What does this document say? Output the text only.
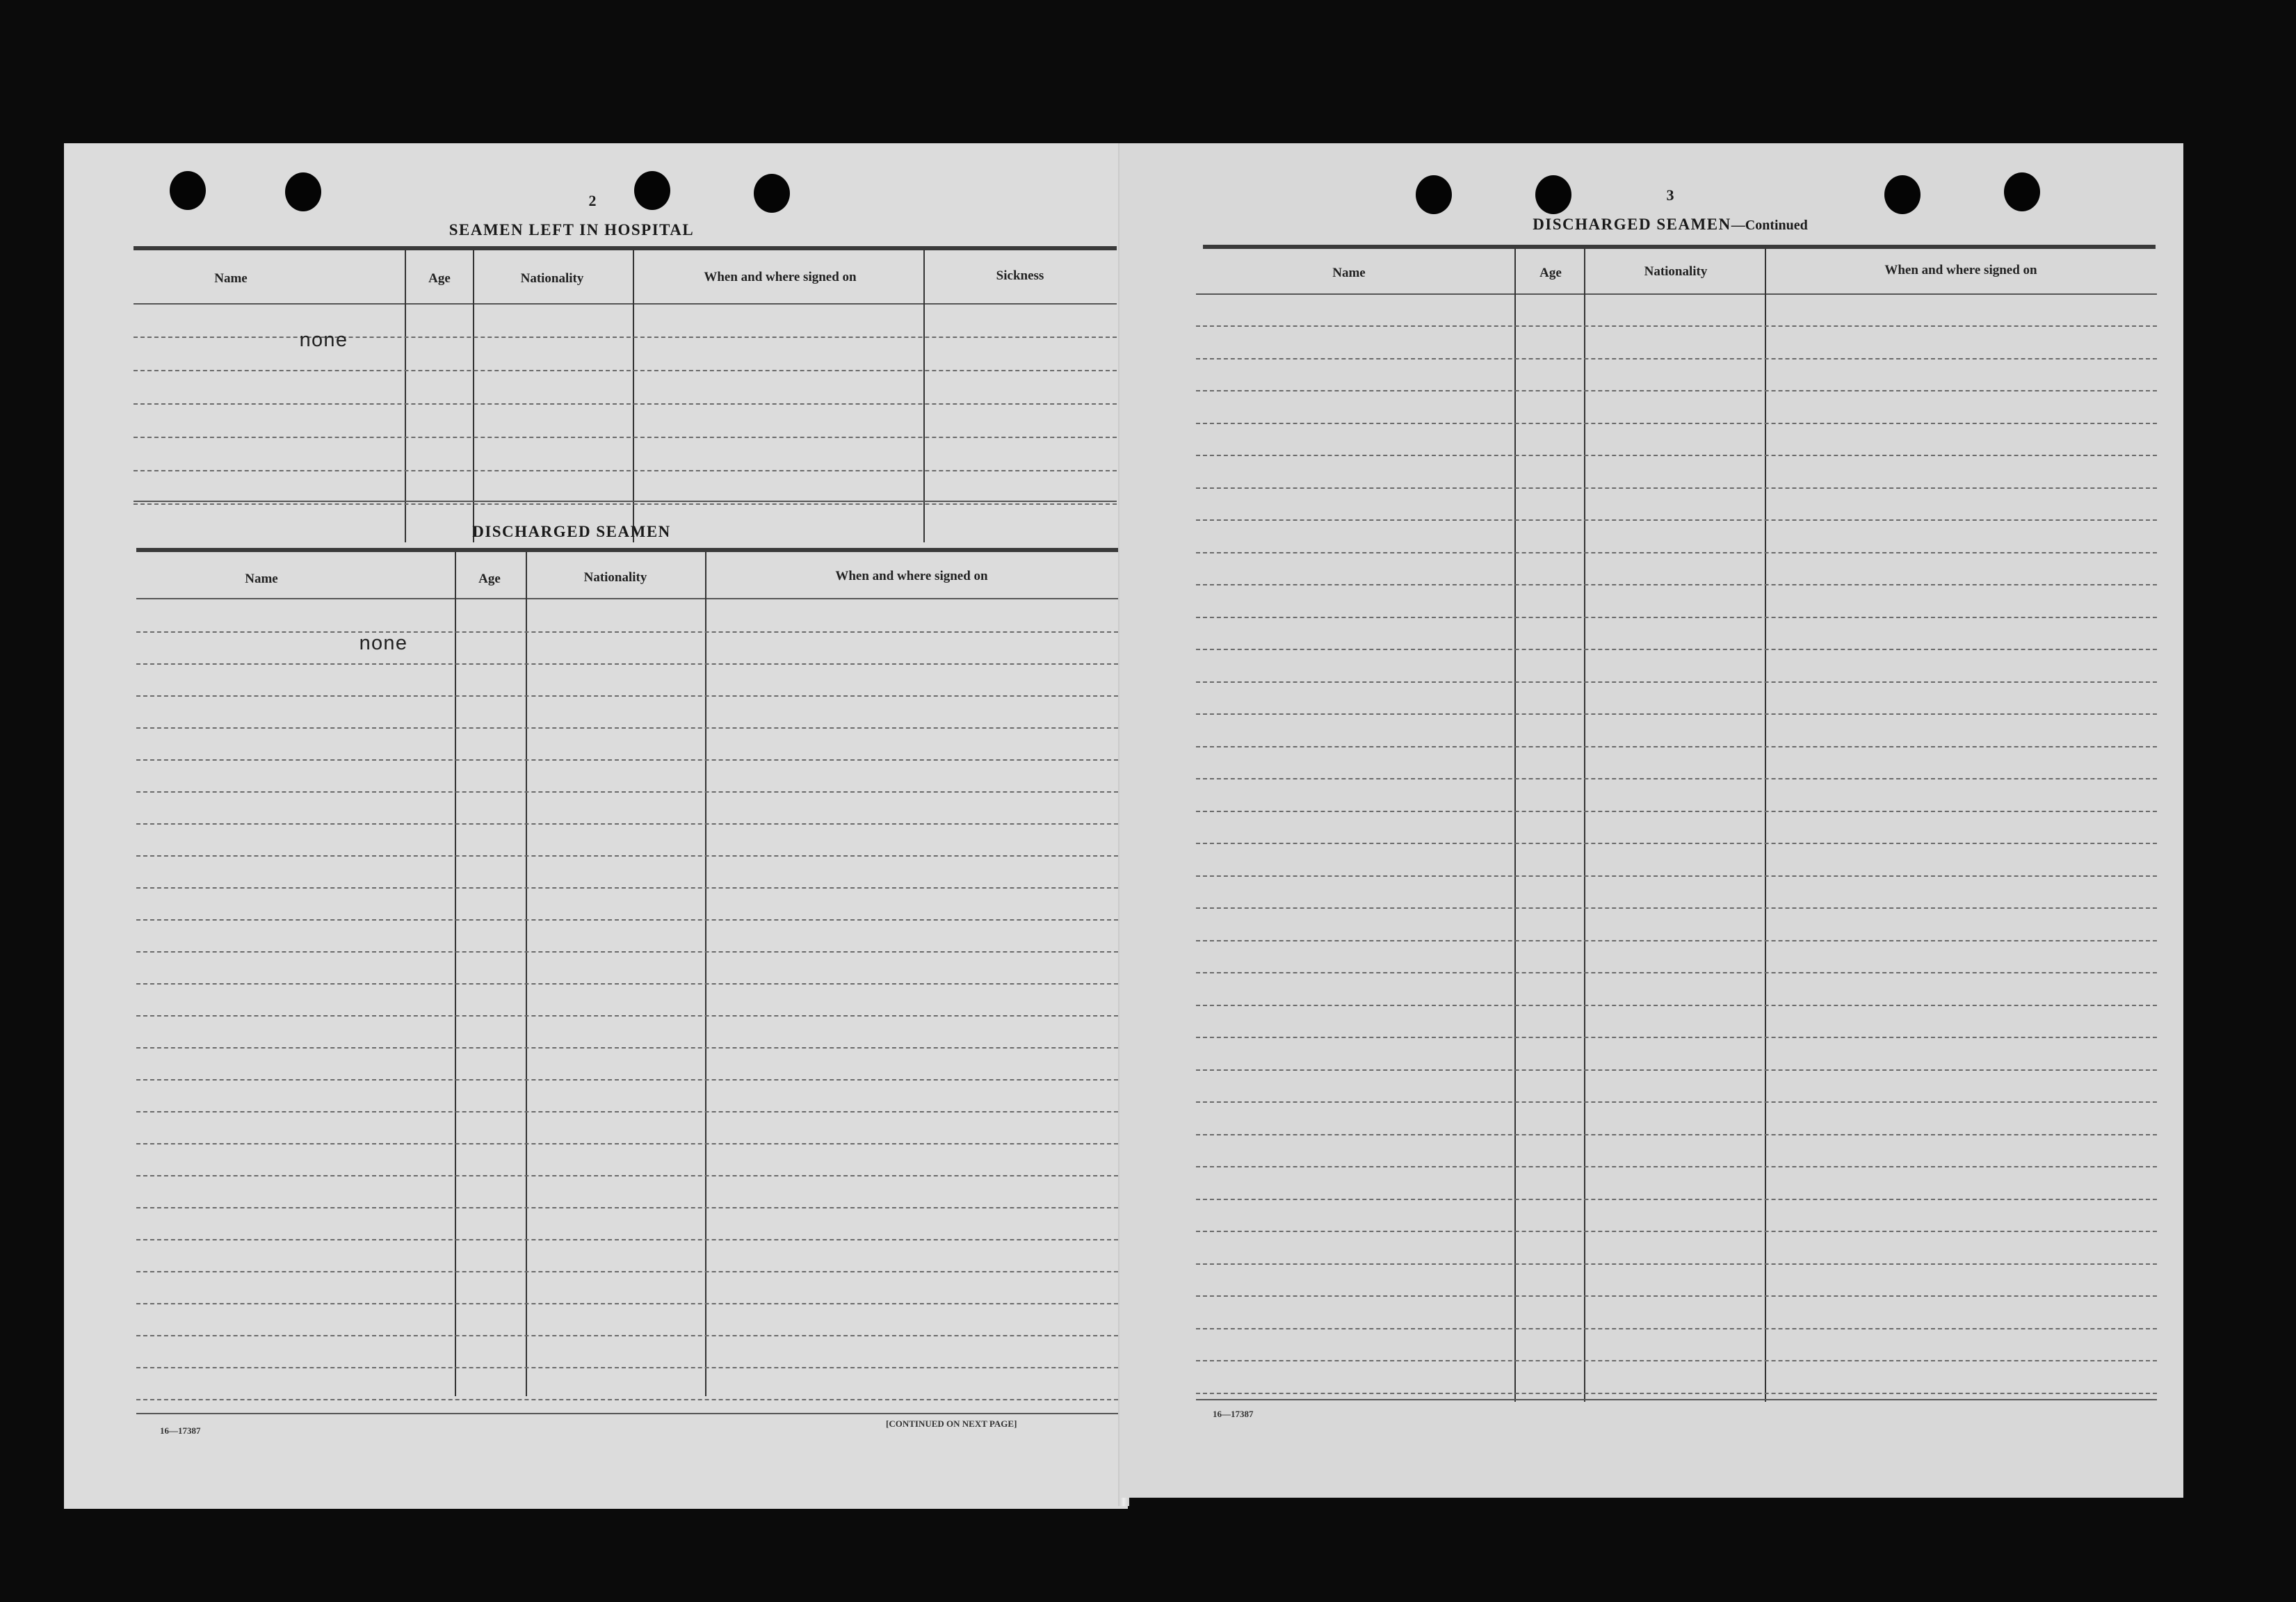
2
SEAMEN LEFT IN HOSPITAL
Name	Age	Nationality	When and where signed on	Sickness
none
DISCHARGED SEAMEN
Name	Age	Nationality	When and where signed on
none
16—17387
[CONTINUED ON NEXT PAGE]
3
DISCHARGED SEAMEN—Continued
Name	Age	Nationality	When and where signed on
16—17387
